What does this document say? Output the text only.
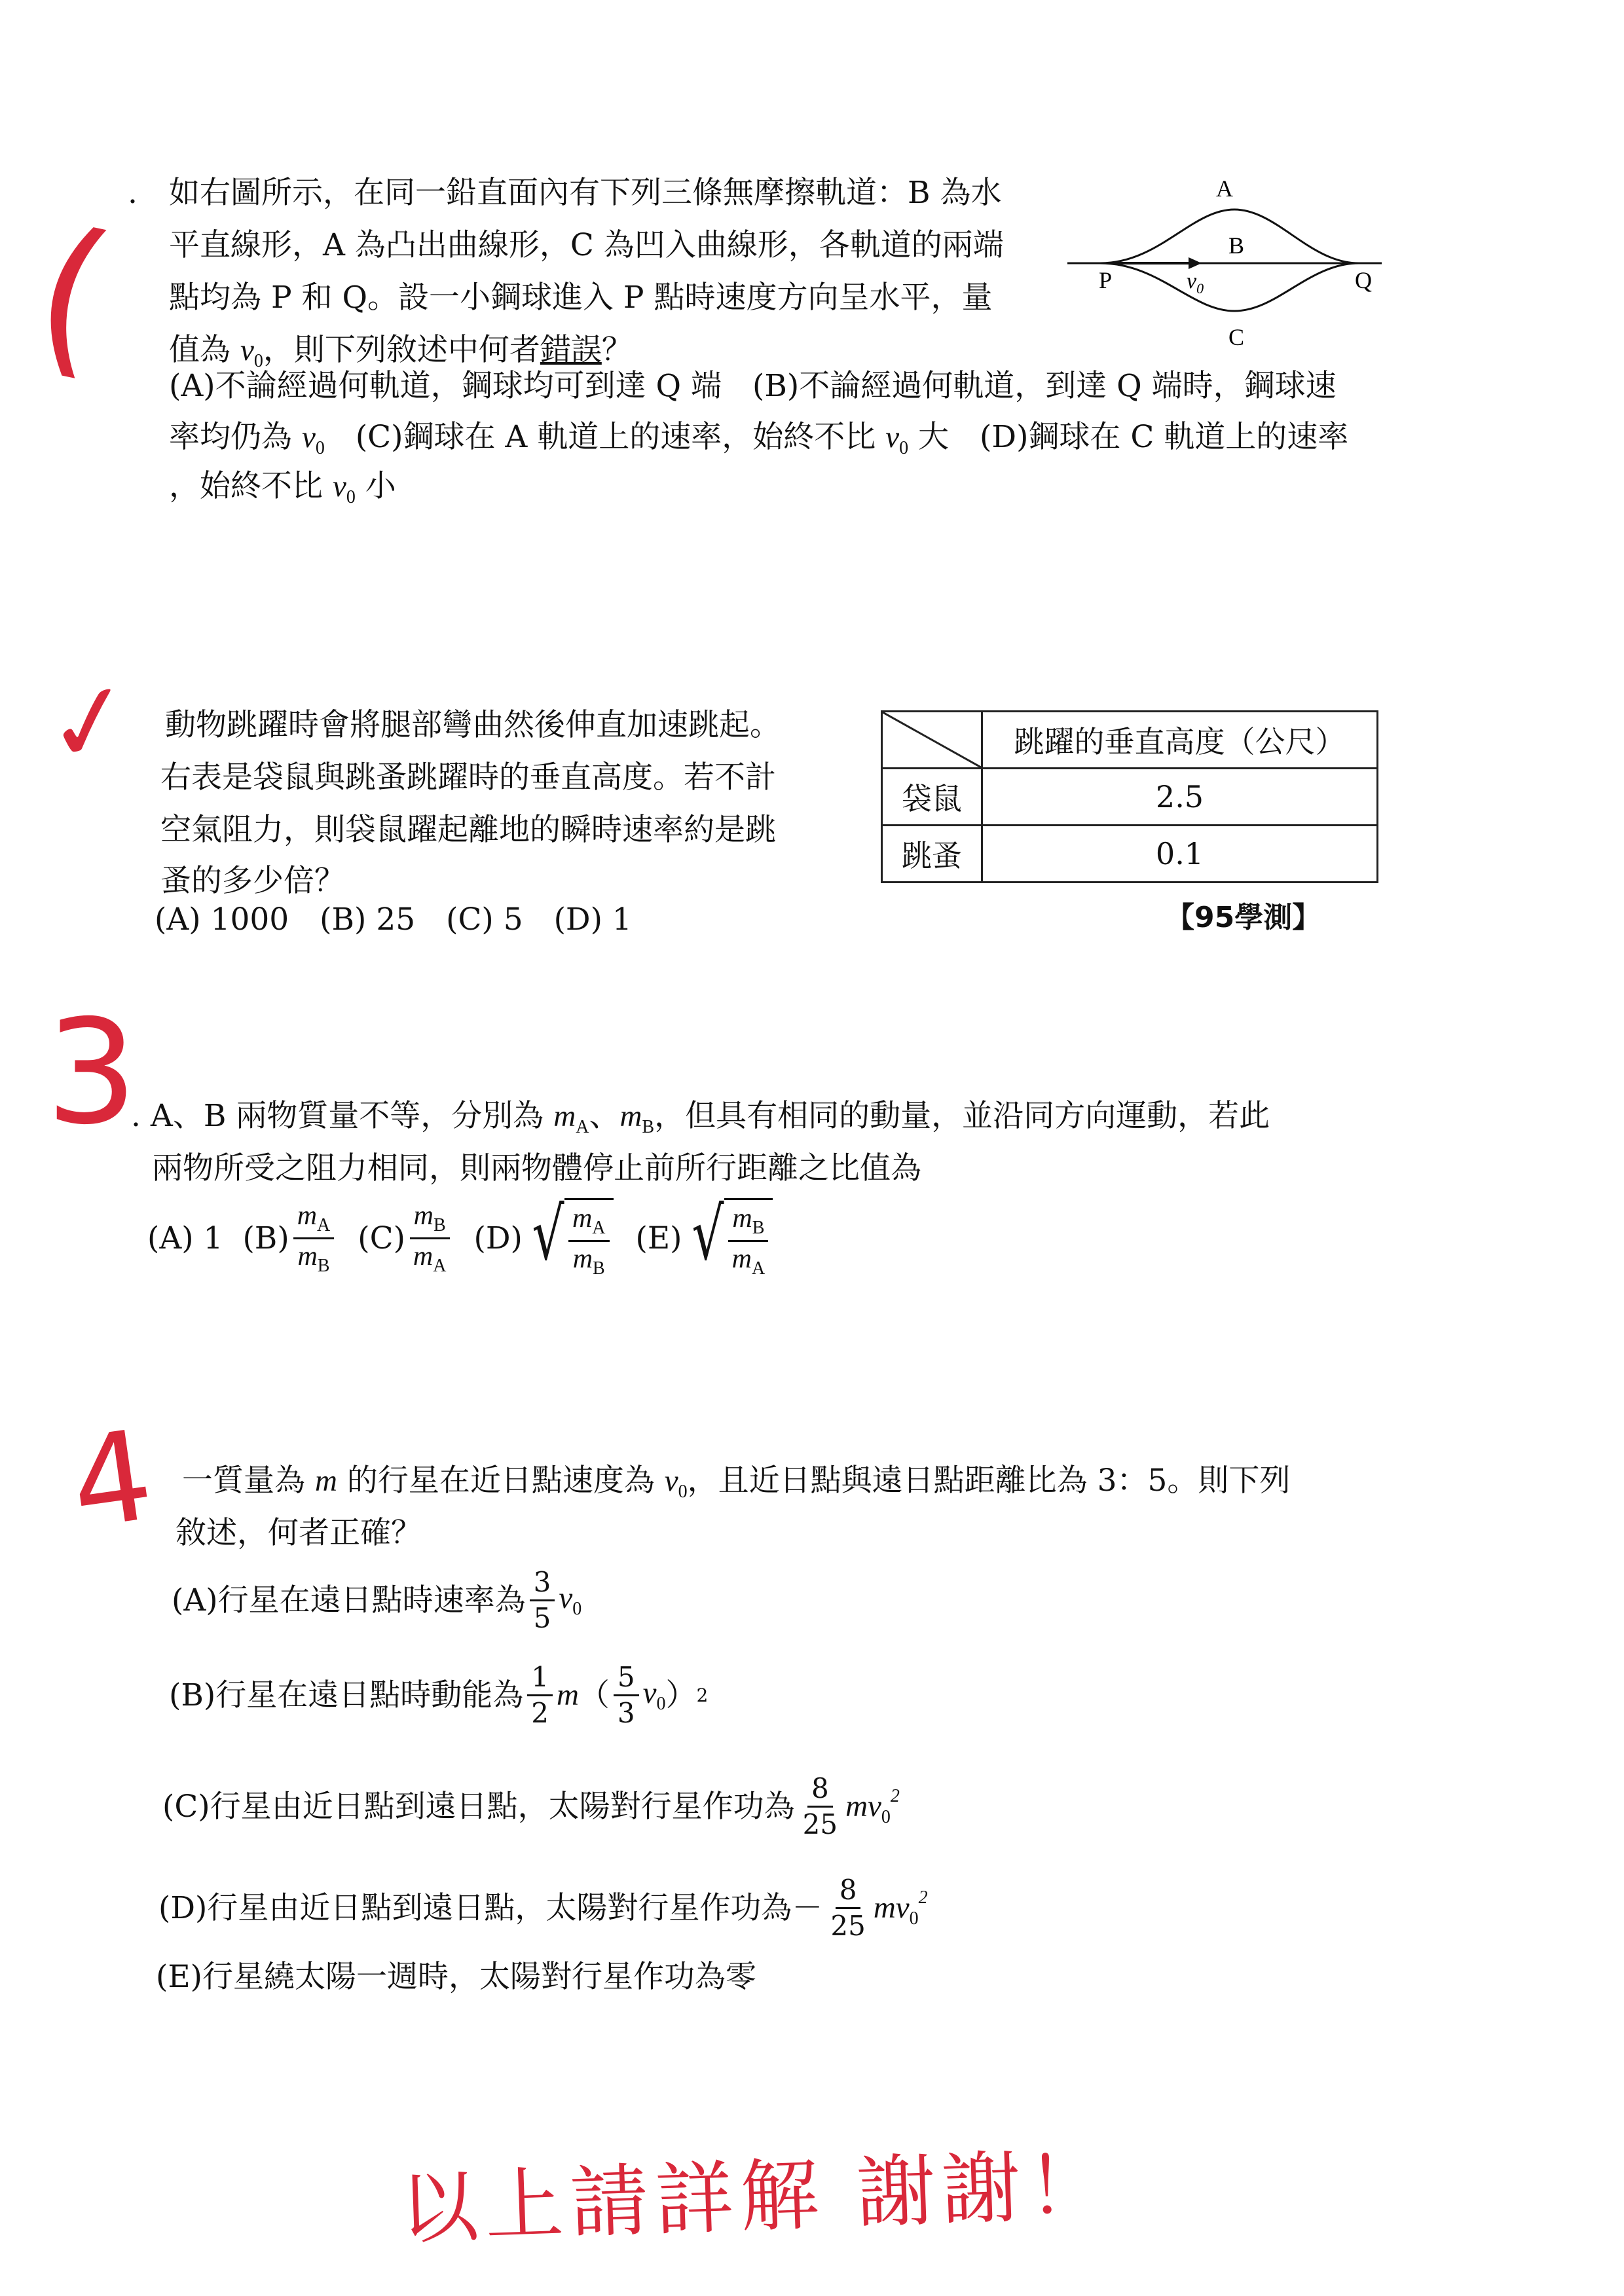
. 如右圖所示，在同一鉛直面內有下列三條無摩擦軌道：B 為水
平直線形，A 為凸出曲線形，C 為凹入曲線形，各軌道的兩端
點均為 P 和 Q。設一小鋼球進入 P 點時速度方向呈水平，量
值為 $v_0$，則下列敘述中何者錯誤？
(A)不論經過何軌道，鋼球均可到達 Q 端　(B)不論經過何軌道，到達 Q 端時，鋼球速
率均仍為 $v_0$　(C)鋼球在 A 軌道上的速率，始終不比 $v_0$ 大　(D)鋼球在 C 軌道上的速率
，始終不比 $v_0$ 小
A
B
C
P	Q
$v_0$
動物跳躍時會將腿部彎曲然後伸直加速跳起。
右表是袋鼠與跳蚤跳躍時的垂直高度。若不計
空氣阻力，則袋鼠躍起離地的瞬時速率約是跳
蚤的多少倍？
(A) 1000　(B) 25　(C) 5　(D) 1	【95學測】
	跳躍的垂直高度（公尺）
袋鼠	2.5
跳蚤	0.1
. A、B 兩物質量不等，分別為 $m_A$、$m_B$，但具有相同的動量，並沿同方向運動，若此
兩物所受之阻力相同，則兩物體停止前所行距離之比值為
(A) 1 $(B) \frac{m_A}{m_B} (C) \frac{m_B}{m_A} (D)$ √ $\frac{m_A}{m_B} (E)$ √ $\frac{m_B}{m_A}$
一質量為 m 的行星在近日點速度為 $v_0$，且近日點與遠日點距離比為 3：5。則下列
敘述，何者正確？
(A)行星在遠日點時速率為 $\frac{3}{5} v_0$
(B)行星在遠日點時動能為 $\frac{1}{2}$ m （ $\frac{5}{3} v_0$ ） 2
(C)行星由近日點到遠日點，太陽對行星作功為 $\frac{8}{25} mv_0^2$
(D)行星由近日點到遠日點，太陽對行星作功為 － $\frac{8}{25} mv_0^2$
(E)行星繞太陽一週時，太陽對行星作功為零
(
✓
3
4
以上請詳解 謝謝！
